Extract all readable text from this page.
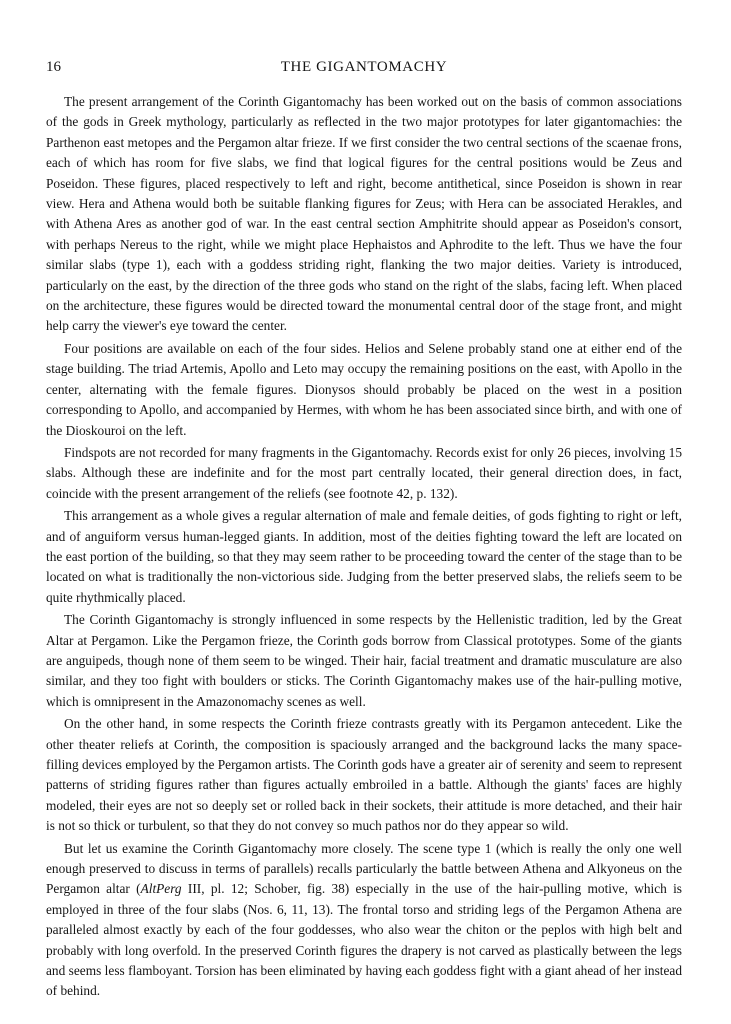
16	THE GIGANTOMACHY

The present arrangement of the Corinth Gigantomachy has been worked out on the basis of common associations of the gods in Greek mythology, particularly as reflected in the two major prototypes for later gigantomachies: the Parthenon east metopes and the Pergamon altar frieze. If we first consider the two central sections of the scaenae frons, each of which has room for five slabs, we find that logical figures for the central positions would be Zeus and Poseidon. These figures, placed respectively to left and right, become antithetical, since Poseidon is shown in rear view. Hera and Athena would both be suitable flanking figures for Zeus; with Hera can be associated Herakles, and with Athena Ares as another god of war. In the east central section Amphitrite should appear as Poseidon's consort, with perhaps Nereus to the right, while we might place Hephaistos and Aphrodite to the left. Thus we have the four similar slabs (type 1), each with a goddess striding right, flanking the two major deities. Variety is introduced, particularly on the east, by the direction of the three gods who stand on the right of the slabs, facing left. When placed on the architecture, these figures would be directed toward the monumental central door of the stage front, and might help carry the viewer's eye toward the center.

Four positions are available on each of the four sides. Helios and Selene probably stand one at either end of the stage building. The triad Artemis, Apollo and Leto may occupy the remaining positions on the east, with Apollo in the center, alternating with the female figures. Dionysos should probably be placed on the west in a position corresponding to Apollo, and accompanied by Hermes, with whom he has been associated since birth, and with one of the Dioskouroi on the left.

Findspots are not recorded for many fragments in the Gigantomachy. Records exist for only 26 pieces, involving 15 slabs. Although these are indefinite and for the most part centrally located, their general direction does, in fact, coincide with the present arrangement of the reliefs (see footnote 42, p. 132).

This arrangement as a whole gives a regular alternation of male and female deities, of gods fighting to right or left, and of anguiform versus human-legged giants. In addition, most of the deities fighting toward the left are located on the east portion of the building, so that they may seem rather to be proceeding toward the center of the stage than to be located on what is traditionally the non-victorious side. Judging from the better preserved slabs, the reliefs seem to be quite rhythmically placed.

The Corinth Gigantomachy is strongly influenced in some respects by the Hellenistic tradition, led by the Great Altar at Pergamon. Like the Pergamon frieze, the Corinth gods borrow from Classical prototypes. Some of the giants are anguipeds, though none of them seem to be winged. Their hair, facial treatment and dramatic musculature are also similar, and they too fight with boulders or sticks. The Corinth Gigantomachy makes use of the hair-pulling motive, which is omnipresent in the Amazonomachy scenes as well.

On the other hand, in some respects the Corinth frieze contrasts greatly with its Pergamon antecedent. Like the other theater reliefs at Corinth, the composition is spaciously arranged and the background lacks the many space-filling devices employed by the Pergamon artists. The Corinth gods have a greater air of serenity and seem to represent patterns of striding figures rather than figures actually embroiled in a battle. Although the giants' faces are highly modeled, their eyes are not so deeply set or rolled back in their sockets, their attitude is more detached, and their hair is not so thick or turbulent, so that they do not convey so much pathos nor do they appear so wild.

But let us examine the Corinth Gigantomachy more closely. The scene type 1 (which is really the only one well enough preserved to discuss in terms of parallels) recalls particularly the battle between Athena and Alkyoneus on the Pergamon altar (AltPerg III, pl. 12; Schober, fig. 38) especially in the use of the hair-pulling motive, which is employed in three of the four slabs (Nos. 6, 11, 13). The frontal torso and striding legs of the Pergamon Athena are paralleled almost exactly by each of the four goddesses, who also wear the chiton or the peplos with high belt and probably with long overfold. In the preserved Corinth figures the drapery is not carved as plastically between the legs and seems less flamboyant. Torsion has been eliminated by having each goddess fight with a giant ahead of her instead of behind.
